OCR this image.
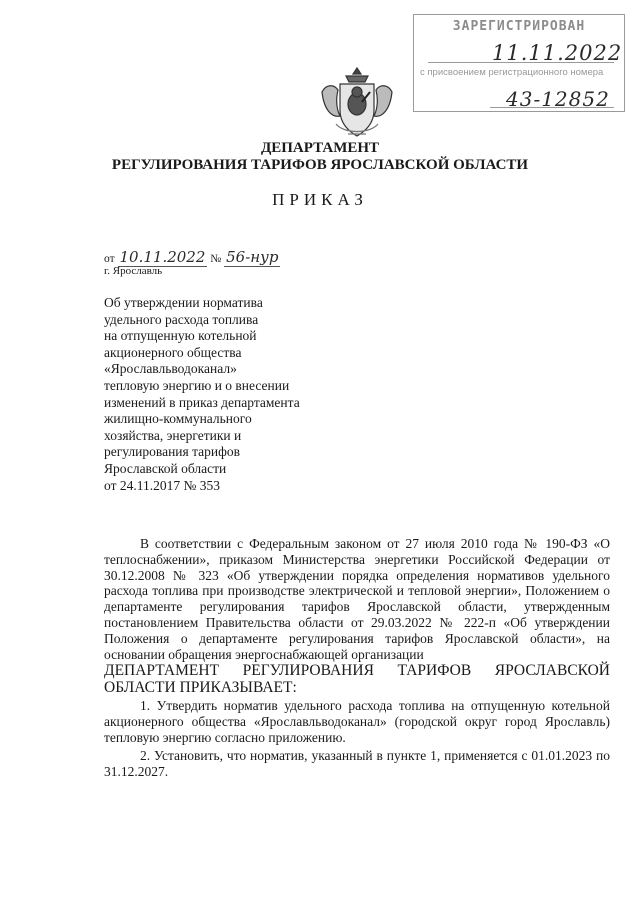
ЗАРЕГИСТРИРОВАН
11.11.2022
с присвоением регистрационного номера
43-12852
ДЕПАРТАМЕНТ
РЕГУЛИРОВАНИЯ ТАРИФОВ ЯРОСЛАВСКОЙ ОБЛАСТИ
ПРИКАЗ
от 10.11.2022 № 56-нур
г. Ярославль
Об утверждении норматива
удельного расхода топлива
на отпущенную котельной
акционерного общества
«Ярославльводоканал»
тепловую энергию и о внесении
изменений в приказ департамента
жилищно-коммунального
хозяйства, энергетики и
регулирования тарифов
Ярославской области
от 24.11.2017 № 353

В соответствии с Федеральным законом от 27 июля 2010 года № 190-ФЗ «О теплоснабжении», приказом Министерства энергетики Российской Федерации от 30.12.2008 № 323 «Об утверждении порядка определения нормативов удельного расхода топлива при производстве электрической и тепловой энергии», Положением о департаменте регулирования тарифов Ярославской области, утвержденным постановлением Правительства области от 29.03.2022 № 222-п «Об утверждении Положения о департаменте регулирования тарифов Ярославской области», на основании обращения энергоснабжающей организации

ДЕПАРТАМЕНТ РЕГУЛИРОВАНИЯ ТАРИФОВ ЯРОСЛАВСКОЙ

ОБЛАСТИ ПРИКАЗЫВАЕТ:

1. Утвердить норматив удельного расхода топлива на отпущенную котельной акционерного общества «Ярославльводоканал» (городской округ город Ярославль) тепловую энергию согласно приложению.

2. Установить, что норматив, указанный в пункте 1, применяется с 01.01.2023 по 31.12.2027.
